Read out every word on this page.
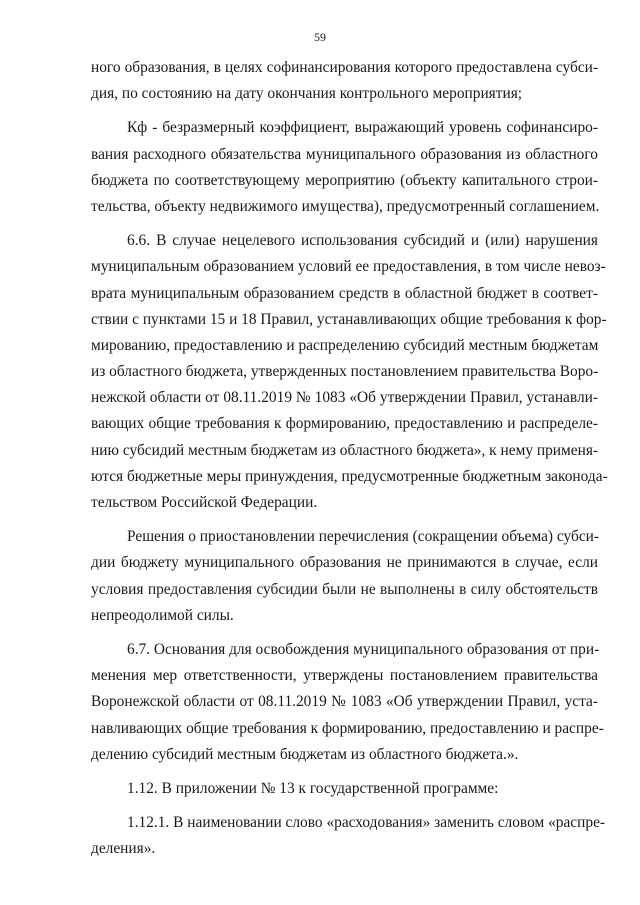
59
ного образования, в целях софинансирования которого предоставлена субси-
дия, по состоянию на дату окончания контрольного мероприятия;
Кф - безразмерный коэффициент, выражающий уровень софинансиро-
вания расходного обязательства муниципального образования из областного
бюджета по соответствующему мероприятию (объекту капитального строи-
тельства, объекту недвижимого имущества), предусмотренный соглашением.
6.6. В случае нецелевого использования субсидий и (или) нарушения
муниципальным образованием условий ее предоставления, в том числе невоз-
врата муниципальным образованием средств в областной бюджет в соответ-
ствии с пунктами 15 и 18 Правил, устанавливающих общие требования к фор-
мированию, предоставлению и распределению субсидий местным бюджетам
из областного бюджета, утвержденных постановлением правительства Воро-
нежской области от 08.11.2019 № 1083 «Об утверждении Правил, устанавли-
вающих общие требования к формированию, предоставлению и распределе-
нию субсидий местным бюджетам из областного бюджета», к нему применя-
ются бюджетные меры принуждения, предусмотренные бюджетным законода-
тельством Российской Федерации.
Решения о приостановлении перечисления (сокращении объема) субси-
дии бюджету муниципального образования не принимаются в случае, если
условия предоставления субсидии были не выполнены в силу обстоятельств
непреодолимой силы.
6.7. Основания для освобождения муниципального образования от при-
менения мер ответственности, утверждены постановлением правительства
Воронежской области от 08.11.2019 № 1083 «Об утверждении Правил, уста-
навливающих общие требования к формированию, предоставлению и распре-
делению субсидий местным бюджетам из областного бюджета.».
1.12. В приложении № 13 к государственной программе:
1.12.1. В наименовании слово «расходования» заменить словом «распре-
деления».
